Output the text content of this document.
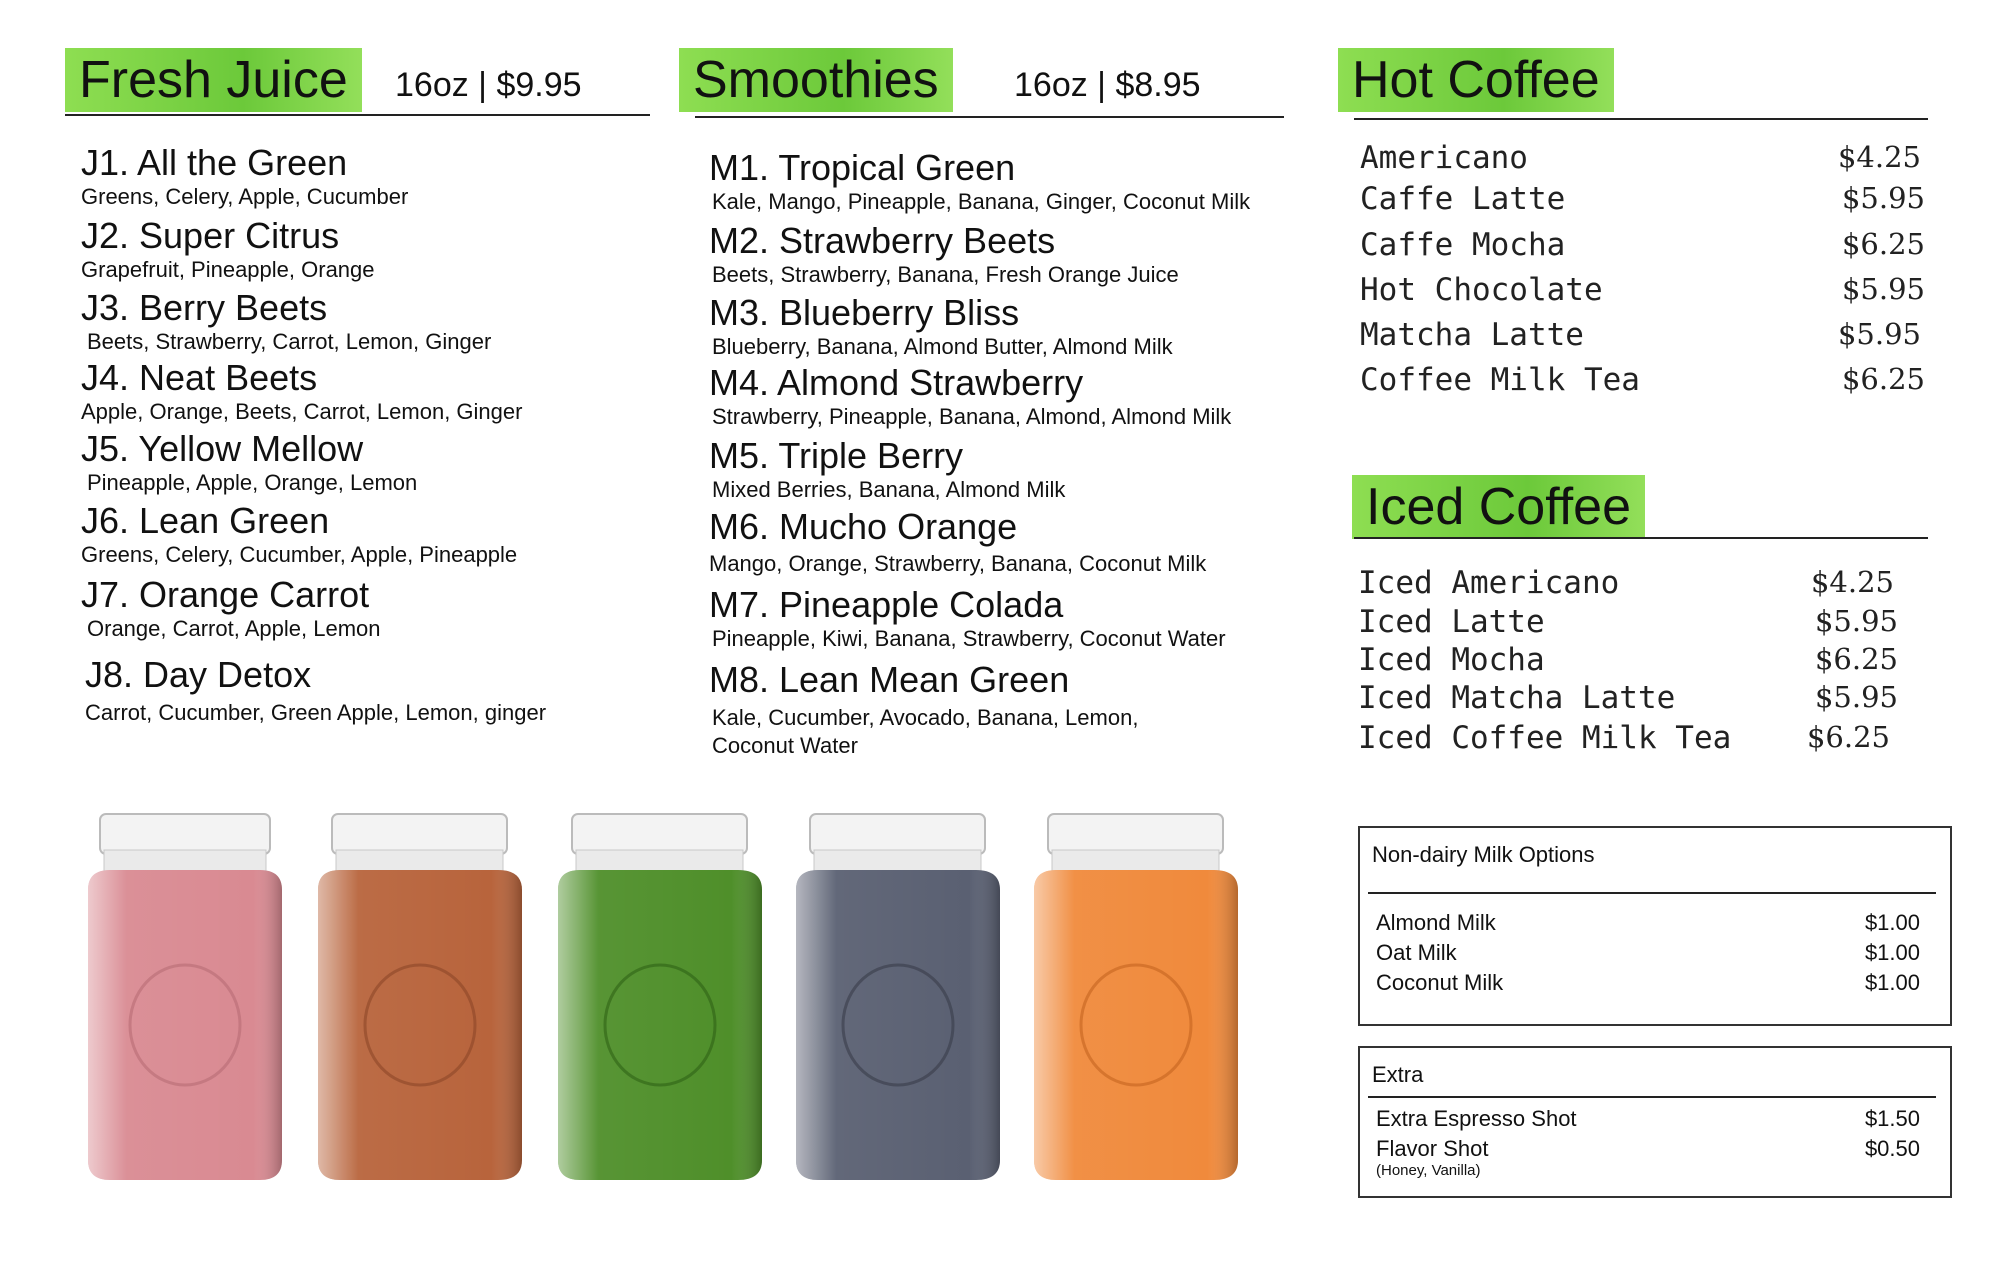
Fresh Juice	16oz | $9.95
J1. All the Green
Greens, Celery, Apple, Cucumber
J2. Super Citrus
Grapefruit, Pineapple, Orange
J3. Berry Beets
Beets, Strawberry, Carrot, Lemon, Ginger
J4. Neat Beets
Apple, Orange, Beets, Carrot, Lemon, Ginger
J5. Yellow Mellow
Pineapple, Apple, Orange, Lemon
J6. Lean Green
Greens, Celery, Cucumber, Apple, Pineapple
J7. Orange Carrot
Orange, Carrot, Apple, Lemon
J8. Day Detox
Carrot, Cucumber, Green Apple, Lemon, ginger
Smoothies	16oz | $8.95
M1. Tropical Green
Kale, Mango, Pineapple, Banana, Ginger, Coconut Milk
M2. Strawberry Beets
Beets, Strawberry, Banana, Fresh Orange Juice
M3. Blueberry Bliss
Blueberry, Banana, Almond Butter, Almond Milk
M4. Almond Strawberry
Strawberry, Pineapple, Banana, Almond, Almond Milk
M5. Triple Berry
Mixed Berries, Banana, Almond Milk
M6. Mucho Orange
Mango, Orange, Strawberry, Banana, Coconut Milk
M7. Pineapple Colada
Pineapple, Kiwi, Banana, Strawberry, Coconut Water
M8. Lean Mean Green
Kale, Cucumber, Avocado, Banana, Lemon,
Coconut Water
Hot Coffee
Americano	$4.25
Caffe Latte	$5.95
Caffe Mocha	$6.25
Hot Chocolate	$5.95
Matcha Latte	$5.95
Coffee Milk Tea	$6.25
Iced Coffee
Iced Americano	$4.25
Iced Latte	$5.95
Iced Mocha	$6.25
Iced Matcha Latte	$5.95
Iced Coffee Milk Tea	$6.25
Non-dairy Milk Options
Almond Milk	$1.00
Oat Milk	$1.00
Coconut Milk	$1.00
Extra
Extra Espresso Shot	$1.50
Flavor Shot	$0.50
(Honey, Vanilla)
